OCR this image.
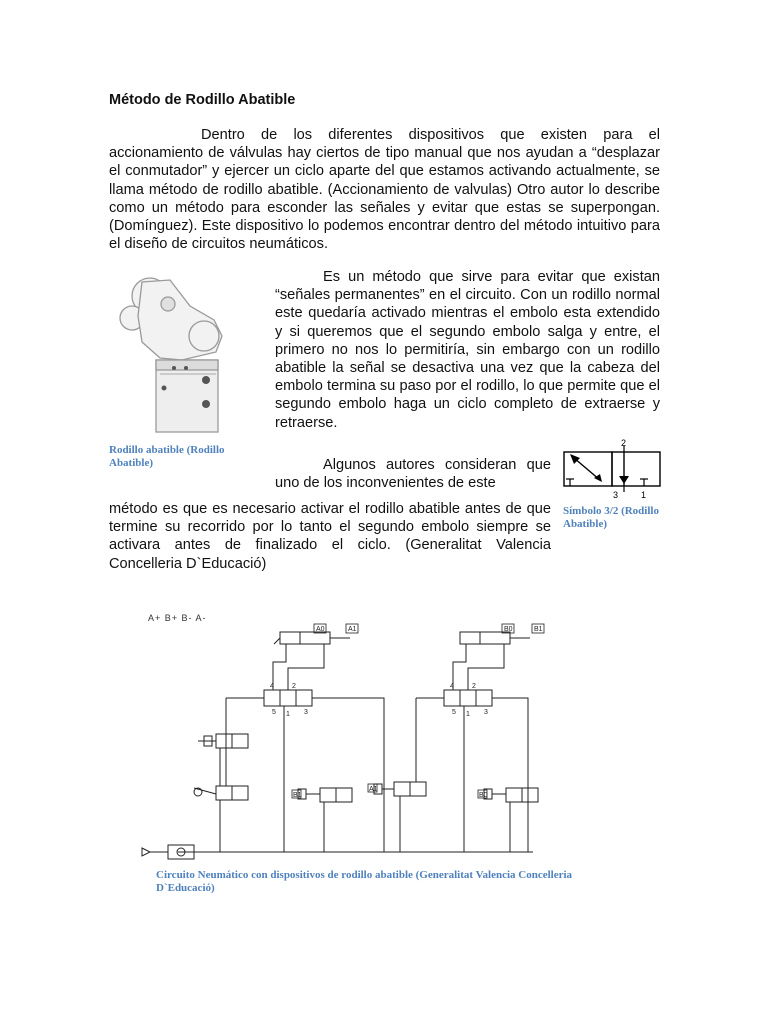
Método de Rodillo Abatible
Dentro de los diferentes dispositivos que existen para el accionamiento de válvulas hay ciertos de tipo manual que nos ayudan a “desplazar el conmutador” y ejercer un ciclo aparte del que estamos activando actualmente, se llama método de rodillo abatible. (Accionamiento de valvulas) Otro autor lo describe como un método para esconder las señales y evitar que estas se superpongan. (Domínguez). Este dispositivo lo podemos encontrar dentro del método intuitivo para el diseño de circuitos neumáticos.
Rodillo abatible (Rodillo Abatible)
Es un método que sirve para evitar que existan “señales permanentes” en el circuito. Con un rodillo normal este quedaría activado mientras el embolo esta extendido y si queremos que el segundo embolo salga y entre, el primero no nos lo permitiría, sin embargo con un rodillo abatible la señal se desactiva una vez que la cabeza del embolo termina su paso por el rodillo, lo que permite que el segundo embolo haga un ciclo completo de extraerse y retraerse.
Algunos autores consideran que uno de los inconvenientes de este
método es que es necesario activar el rodillo abatible antes de que termine su recorrido por lo tanto el segundo embolo siempre se activara antes de finalizado el ciclo. (Generalitat Valencia Concelleria D`Educació)
2
3	1
Símbolo 3/2 (Rodillo Abatible)
A+ B+ B- A-
A0	A1	B0	B1
4	2
5	3
1
4	2
5	3
1
B1
A1
B0
Circuito Neumático con dispositivos de rodillo abatible (Generalitat Valencia Concelleria D`Educació)
